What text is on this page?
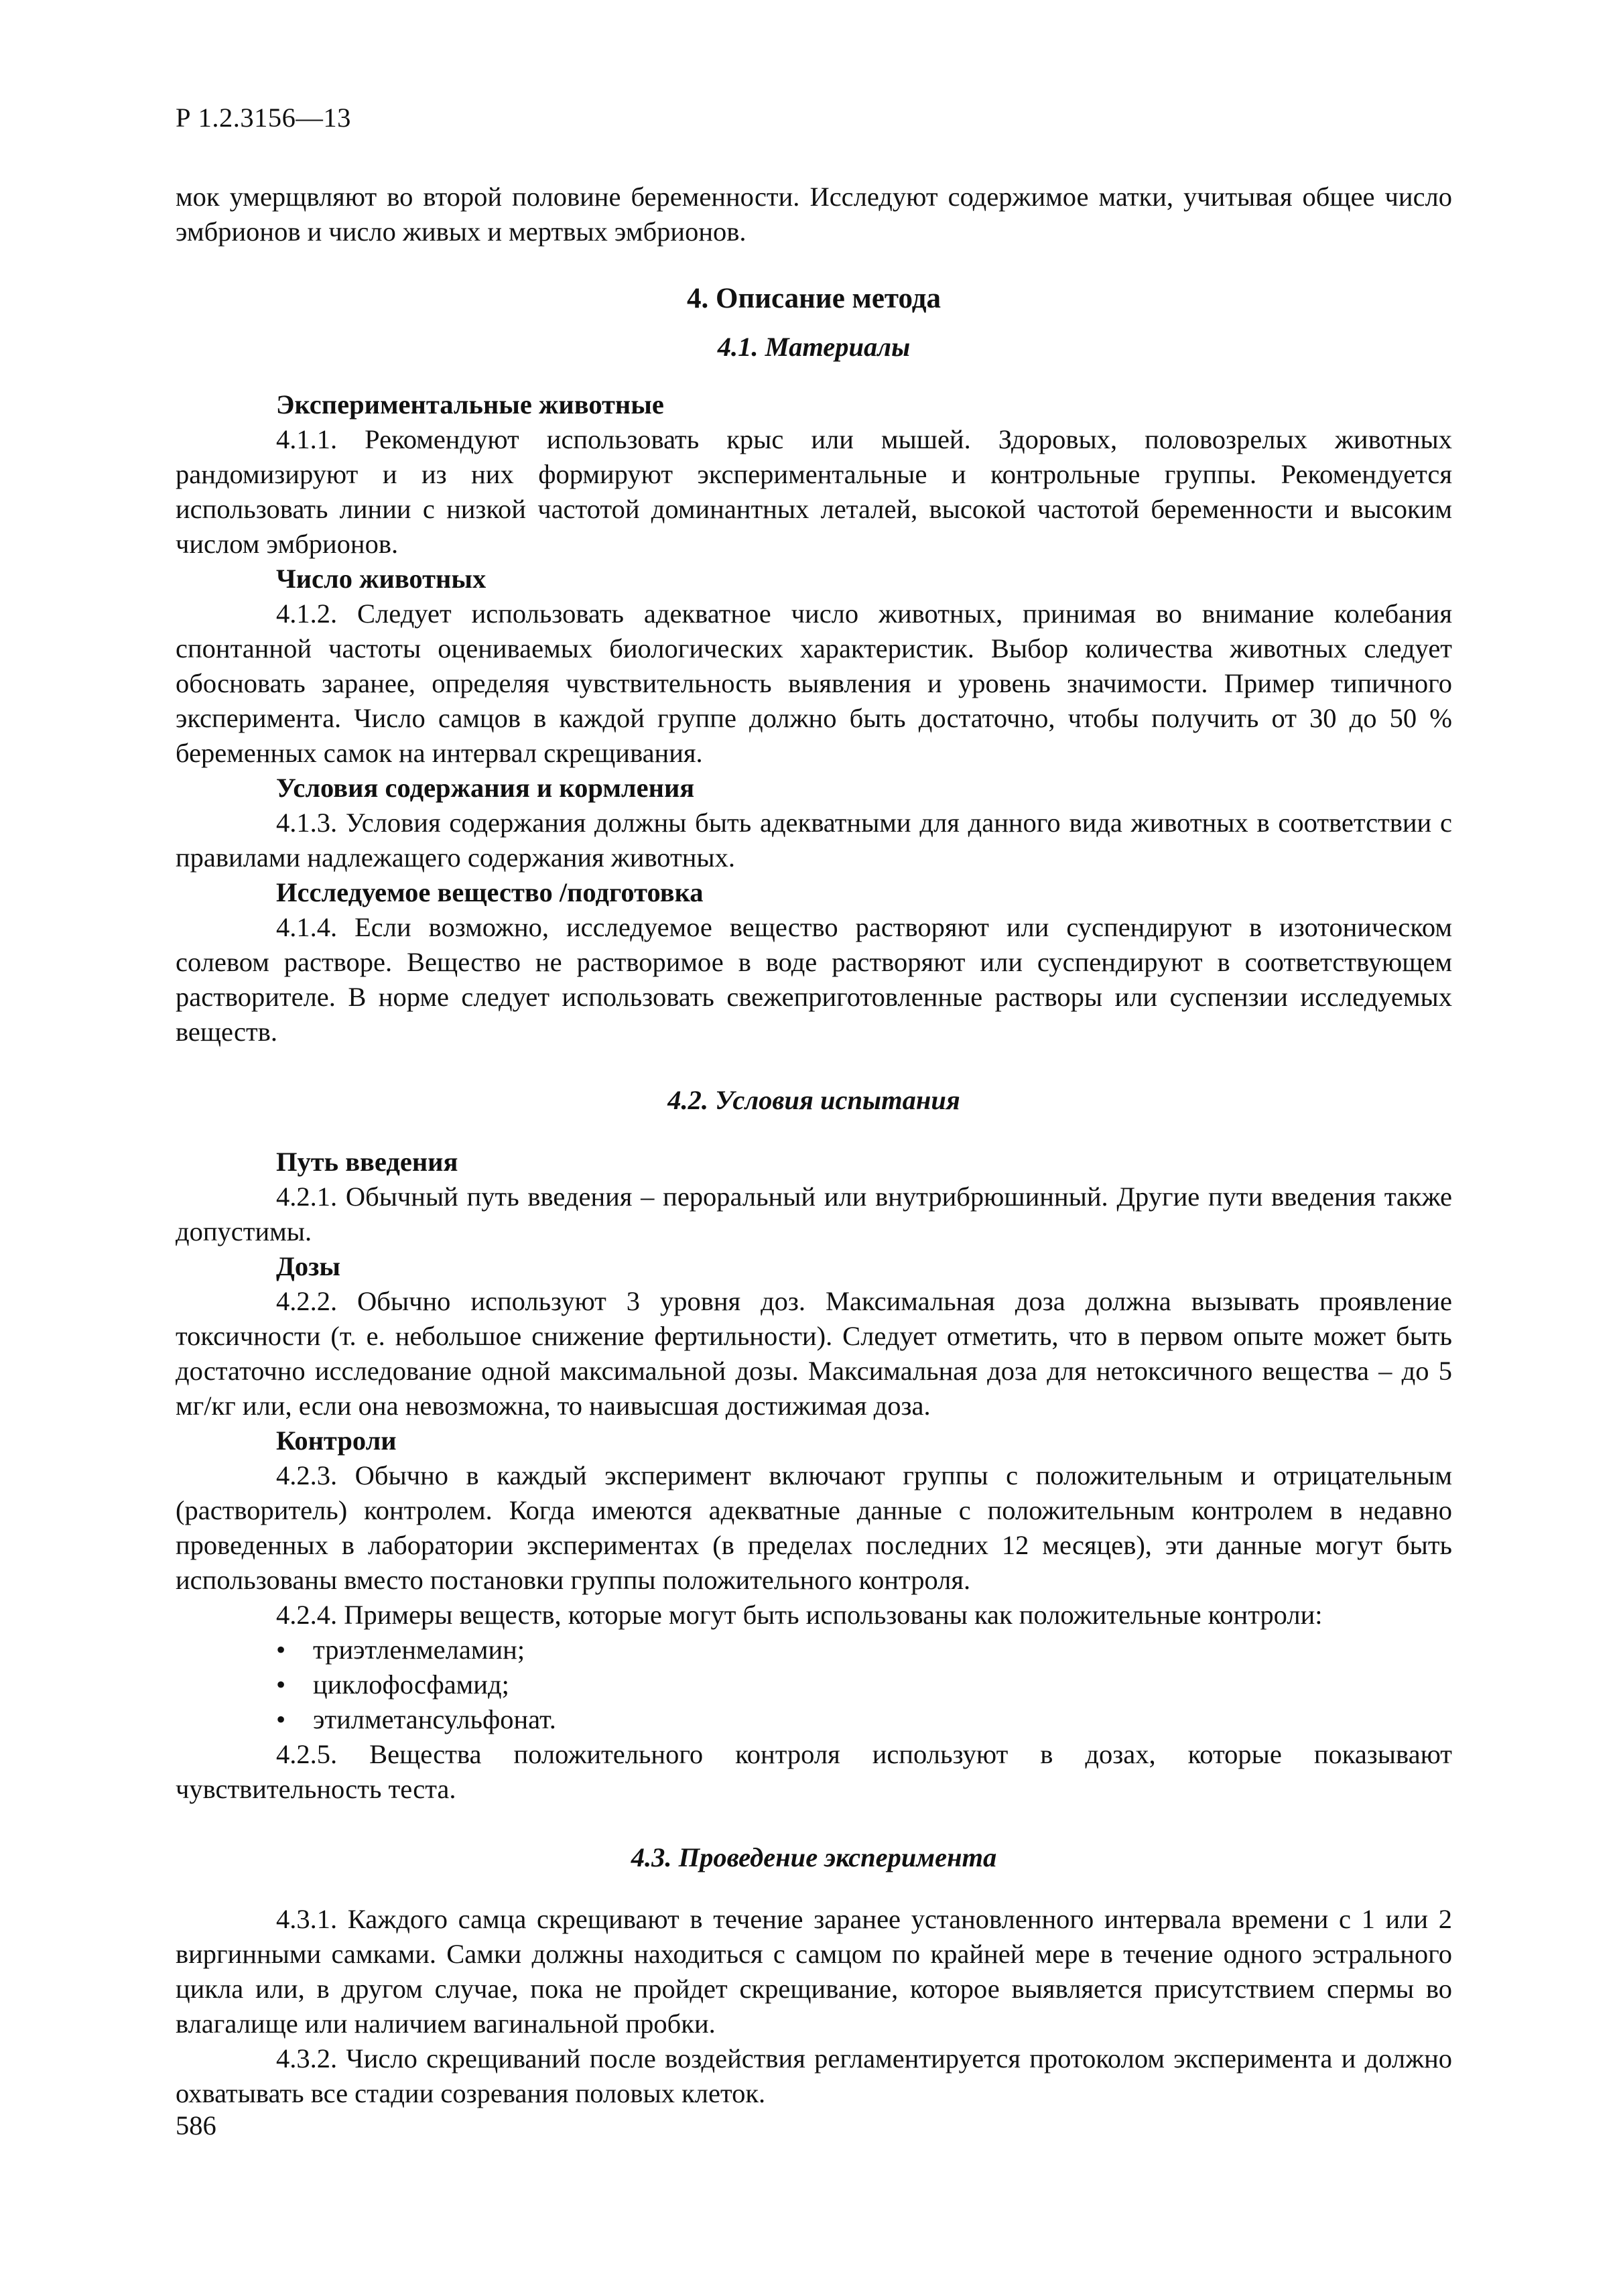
Р 1.2.3156—13

мок умерщвляют во второй половине беременности. Исследуют содержимое матки, учитывая общее число эмбрионов и число живых и мертвых эмбрионов.

4. Описание метода
4.1. Материалы

Экспериментальные животные

4.1.1. Рекомендуют использовать крыс или мышей. Здоровых, половозрелых животных рандомизируют и из них формируют экспериментальные и контрольные группы. Рекомендуется использовать линии с низкой частотой доминантных леталей, высокой частотой беременности и высоким числом эмбрионов.

Число животных

4.1.2. Следует использовать адекватное число животных, принимая во внимание колебания спонтанной частоты оцениваемых биологических характеристик. Выбор количества животных следует обосновать заранее, определяя чувствительность выявления и уровень значимости. Пример типичного эксперимента. Число самцов в каждой группе должно быть достаточно, чтобы получить от 30 до 50 % беременных самок на интервал скрещивания.

Условия содержания и кормления

4.1.3. Условия содержания должны быть адекватными для данного вида животных в соответствии с правилами надлежащего содержания животных.

Исследуемое вещество /подготовка

4.1.4. Если возможно, исследуемое вещество растворяют или суспендируют в изотоническом солевом растворе. Вещество не растворимое в воде растворяют или суспендируют в соответствующем растворителе. В норме следует использовать свежеприготовленные растворы или суспензии исследуемых веществ.

4.2. Условия испытания

Путь введения

4.2.1. Обычный путь введения – пероральный или внутрибрюшинный. Другие пути введения также допустимы.

Дозы

4.2.2. Обычно используют 3 уровня доз. Максимальная доза должна вызывать проявление токсичности (т. е. небольшое снижение фертильности). Следует отметить, что в первом опыте может быть достаточно исследование одной максимальной дозы. Максимальная доза для нетоксичного вещества – до 5 мг/кг или, если она невозможна, то наивысшая достижимая доза.

Контроли

4.2.3. Обычно в каждый эксперимент включают группы с положительным и отрицательным (растворитель) контролем. Когда имеются адекватные данные с положительным контролем в недавно проведенных в лаборатории экспериментах (в пределах последних 12 месяцев), эти данные могут быть использованы вместо постановки группы положительного контроля.

4.2.4. Примеры веществ, которые могут быть использованы как положительные контроли:

• триэтленмеламин;
• циклофосфамид;
• этилметансульфонат.

4.2.5. Вещества положительного контроля используют в дозах, которые показывают чувствительность теста.

4.3. Проведение эксперимента

4.3.1. Каждого самца скрещивают в течение заранее установленного интервала времени с 1 или 2 виргинными самками. Самки должны находиться с самцом по крайней мере в течение одного эстрального цикла или, в другом случае, пока не пройдет скрещивание, которое выявляется присутствием спермы во влагалище или наличием вагинальной пробки.

4.3.2. Число скрещиваний после воздействия регламентируется протоколом эксперимента и должно охватывать все стадии созревания половых клеток.

586
